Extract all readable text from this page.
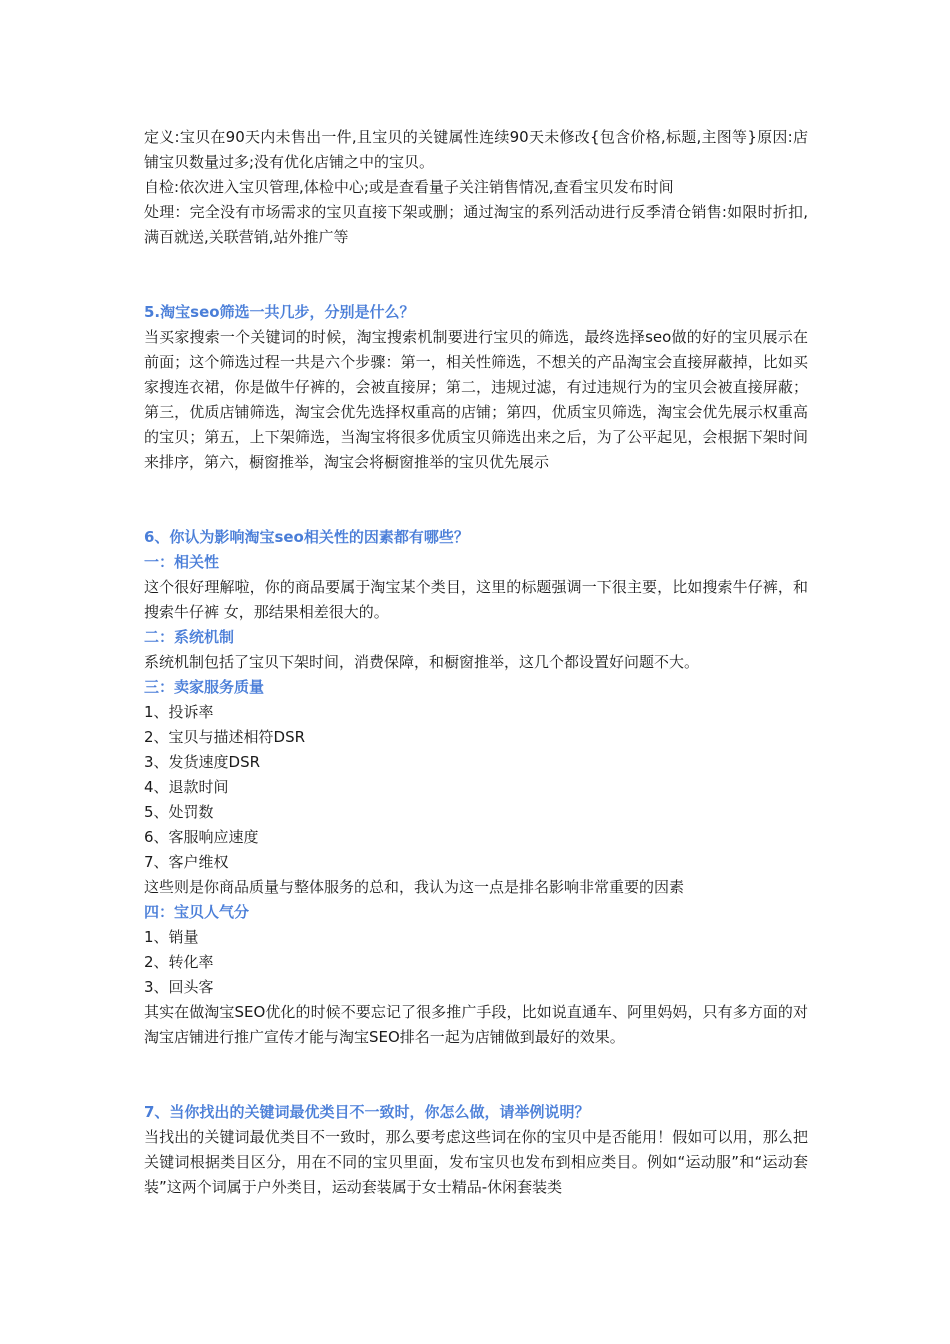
定义:宝贝在90天内未售出一件,且宝贝的关键属性连续90天未修改{包含价格,标题,主图等}原因:店铺宝贝数量过多;没有优化店铺之中的宝贝。

自检:依次进入宝贝管理,体检中心;或是查看量子关注销售情况,查看宝贝发布时间

处理：完全没有市场需求的宝贝直接下架或删；通过淘宝的系列活动进行反季清仓销售:如限时折扣,满百就送,关联营销,站外推广等

5.淘宝seo筛选一共几步，分别是什么？

当买家搜索一个关键词的时候，淘宝搜索机制要进行宝贝的筛选，最终选择seo做的好的宝贝展示在前面；这个筛选过程一共是六个步骤：第一，相关性筛选，不想关的产品淘宝会直接屏蔽掉，比如买家搜连衣裙，你是做牛仔裤的，会被直接屏；第二，违规过滤，有过违规行为的宝贝会被直接屏蔽；第三，优质店铺筛选，淘宝会优先选择权重高的店铺；第四，优质宝贝筛选，淘宝会优先展示权重高的宝贝；第五，上下架筛选，当淘宝将很多优质宝贝筛选出来之后，为了公平起见，会根据下架时间来排序，第六，橱窗推举，淘宝会将橱窗推举的宝贝优先展示

6、你认为影响淘宝seo相关性的因素都有哪些？

一：相关性

这个很好理解啦，你的商品要属于淘宝某个类目，这里的标题强调一下很主要，比如搜索牛仔裤，和搜索牛仔裤 女，那结果相差很大的。

二：系统机制

系统机制包括了宝贝下架时间，消费保障，和橱窗推举，这几个都设置好问题不大。

三：卖家服务质量

1、投诉率

2、宝贝与描述相符DSR

3、发货速度DSR

4、退款时间

5、处罚数

6、客服响应速度

7、客户维权

这些则是你商品质量与整体服务的总和，我认为这一点是排名影响非常重要的因素

四：宝贝人气分

1、销量

2、转化率

3、回头客

其实在做淘宝SEO优化的时候不要忘记了很多推广手段，比如说直通车、阿里妈妈，只有多方面的对淘宝店铺进行推广宣传才能与淘宝SEO排名一起为店铺做到最好的效果。

7、当你找出的关键词最优类目不一致时，你怎么做，请举例说明？

当找出的关键词最优类目不一致时，那么要考虑这些词在你的宝贝中是否能用！假如可以用，那么把关键词根据类目区分，用在不同的宝贝里面，发布宝贝也发布到相应类目。例如“运动服”和“运动套装”这两个词属于户外类目，运动套装属于女士精品-休闲套装类
